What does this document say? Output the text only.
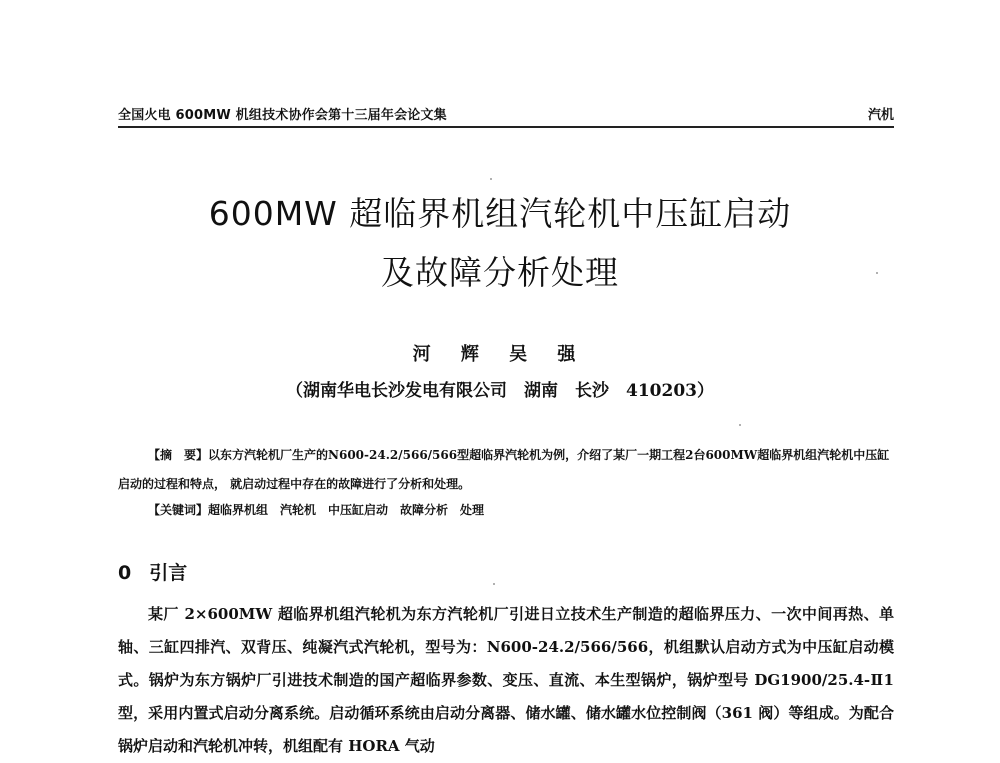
全国火电 600MW 机组技术协作会第十三届年会论文集	汽机
600MW 超临界机组汽轮机中压缸启动
及故障分析处理
河 辉 吴 强
（湖南华电长沙发电有限公司　湖南　长沙　410203）
【摘　要】以东方汽轮机厂生产的N600-24.2/566/566型超临界汽轮机为例，介绍了某厂一期工程2台600MW超临界机组汽轮机中压缸启动的过程和特点， 就启动过程中存在的故障进行了分析和处理。
【关键词】超临界机组　汽轮机　中压缸启动　故障分析　处理
0 引言
某厂 2×600MW 超临界机组汽轮机为东方汽轮机厂引进日立技术生产制造的超临界压力、一次中间再热、单轴、三缸四排汽、双背压、纯凝汽式汽轮机，型号为：N600-24.2/566/566，机组默认启动方式为中压缸启动模式。锅炉为东方锅炉厂引进技术制造的国产超临界参数、变压、直流、本生型锅炉，锅炉型号 DG1900/25.4-Ⅱ1 型，采用内置式启动分离系统。启动循环系统由启动分离器、储水罐、储水罐水位控制阀（361 阀）等组成。为配合锅炉启动和汽轮机冲转，机组配有 HORA 气动
